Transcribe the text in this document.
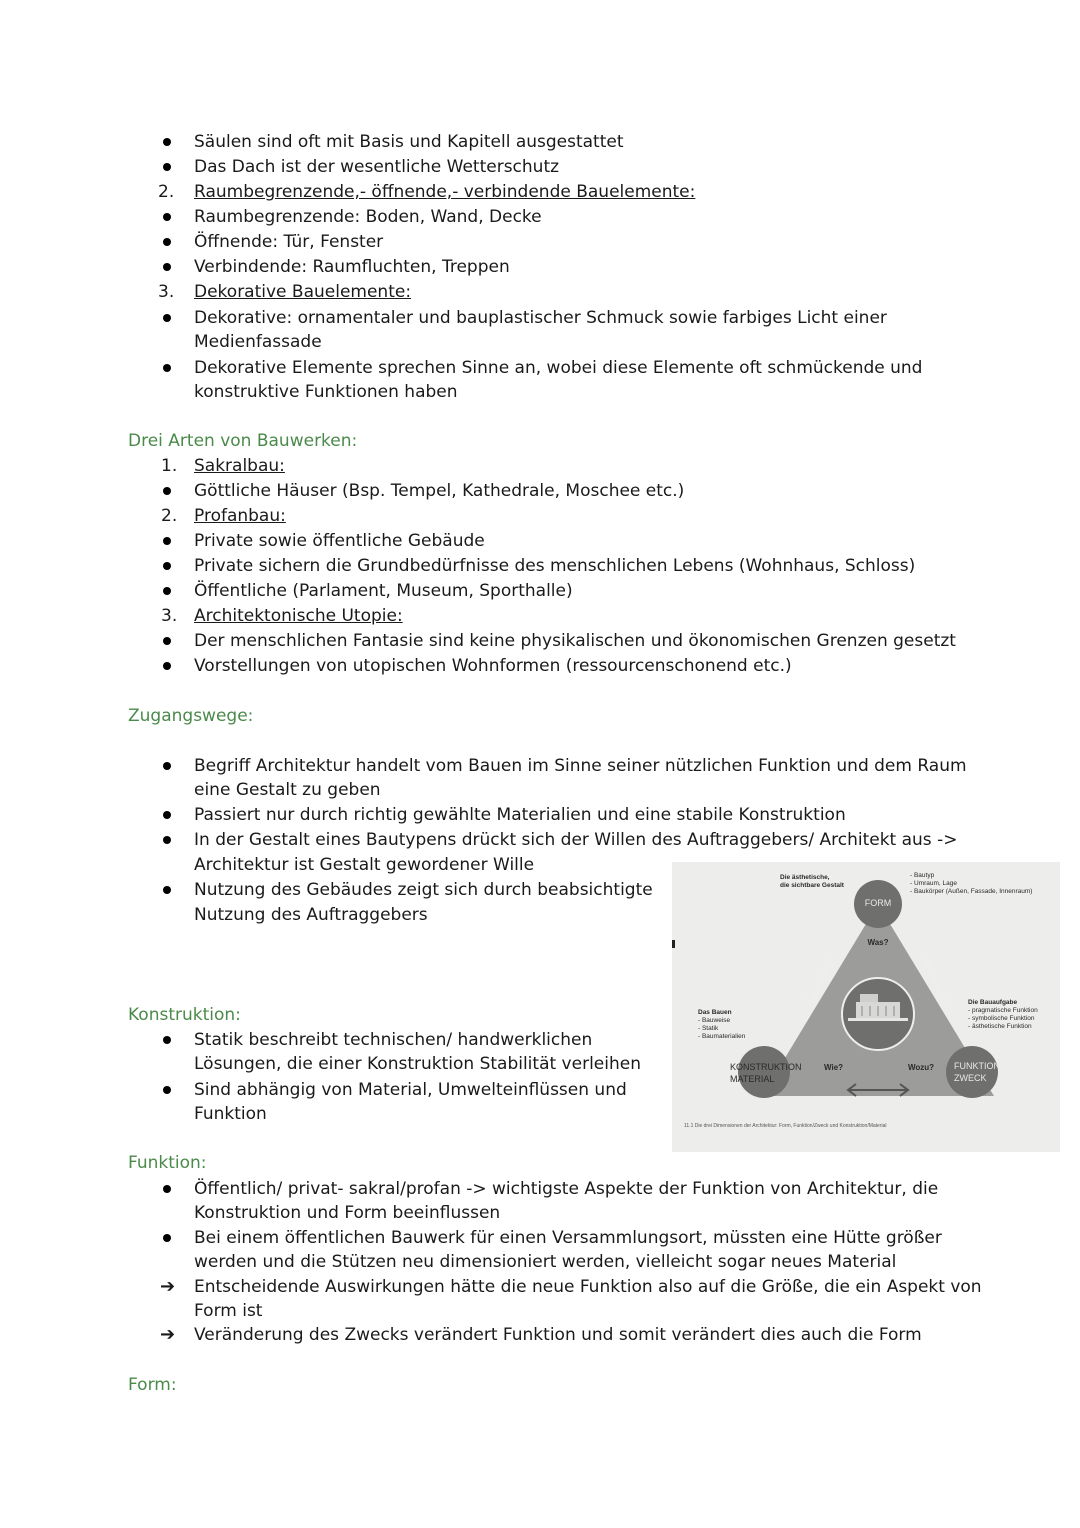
Säulen sind oft mit Basis und Kapitell ausgestattet
Das Dach ist der wesentliche Wetterschutz
2. Raumbegrenzende,- öffnende,- verbindende Bauelemente:
Raumbegrenzende: Boden, Wand, Decke
Öffnende: Tür, Fenster
Verbindende: Raumfluchten, Treppen
3. Dekorative Bauelemente:
Dekorative: ornamentaler und bauplastischer Schmuck sowie farbiges Licht einer
Medienfassade
Dekorative Elemente sprechen Sinne an, wobei diese Elemente oft schmückende und
konstruktive Funktionen haben
Drei Arten von Bauwerken:
1. Sakralbau:
Göttliche Häuser (Bsp. Tempel, Kathedrale, Moschee etc.)
2. Profanbau:
Private sowie öffentliche Gebäude
Private sichern die Grundbedürfnisse des menschlichen Lebens (Wohnhaus, Schloss)
Öffentliche (Parlament, Museum, Sporthalle)
3. Architektonische Utopie:
Der menschlichen Fantasie sind keine physikalischen und ökonomischen Grenzen gesetzt
Vorstellungen von utopischen Wohnformen (ressourcenschonend etc.)
Zugangswege:
Begriff Architektur handelt vom Bauen im Sinne seiner nützlichen Funktion und dem Raum
eine Gestalt zu geben
Passiert nur durch richtig gewählte Materialien und eine stabile Konstruktion
In der Gestalt eines Bautypens drückt sich der Willen des Auftraggebers/ Architekt aus ->
Architektur ist Gestalt gewordener Wille
Nutzung des Gebäudes zeigt sich durch beabsichtigte
Nutzung des Auftraggebers
Konstruktion:
Statik beschreibt technischen/ handwerklichen
Lösungen, die einer Konstruktion Stabilität verleihen
Sind abhängig von Material, Umwelteinflüssen und
Funktion
Funktion:
Öffentlich/ privat- sakral/profan -> wichtigste Aspekte der Funktion von Architektur, die
Konstruktion und Form beeinflussen
Bei einem öffentlichen Bauwerk für einen Versammlungsort, müssten eine Hütte größer
werden und die Stützen neu dimensioniert werden, vielleicht sogar neues Material
➔ Entscheidende Auswirkungen hätte die neue Funktion also auf die Größe, die ein Aspekt von
Form ist
➔ Veränderung des Zwecks verändert Funktion und somit verändert dies auch die Form
Form:
Die ästhetische,
die sichtbare Gestalt
- Bautyp
- Umraum, Lage
- Baukörper (Außen, Fassade, Innenraum)
FORM
Was?
Das Bauen
- Bauweise
- Statik
- Baumaterialien
Die Bauaufgabe
- pragmatische Funktion
- symbolische Funktion
- ästhetische Funktion
KONSTRUKTION
MATERIAL
Wie?	Wozu? FUNKTION
ZWECK
11.1 Die drei Dimensionen der Architektur: Form, Funktion/Zweck und Konstruktion/Material
